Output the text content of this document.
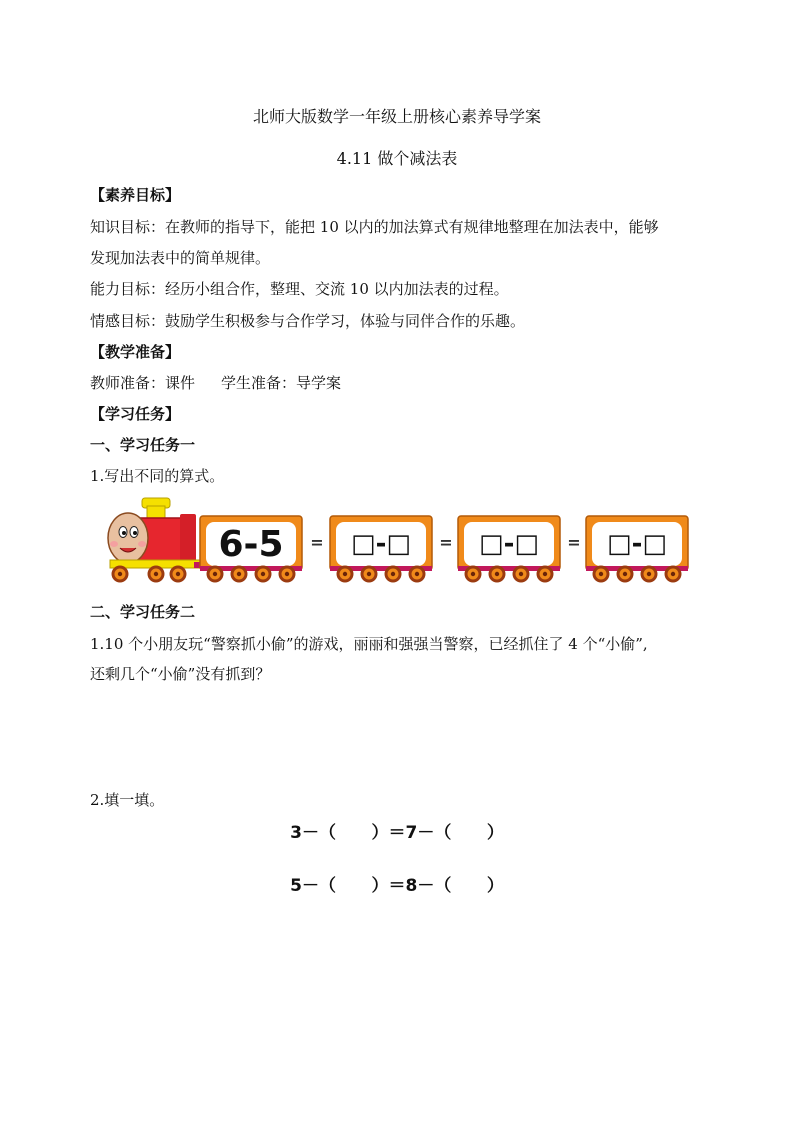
北师大版数学一年级上册核心素养导学案
4.11 做个减法表
【素养目标】
知识目标：在教师的指导下，能把 10 以内的加法算式有规律地整理在加法表中，能够
发现加法表中的简单规律。
能力目标：经历小组合作，整理、交流 10 以内加法表的过程。
情感目标：鼓励学生积极参与合作学习，体验与同伴合作的乐趣。
【教学准备】
教师准备：课件 学生准备：导学案
【学习任务】
一、学习任务一
1.写出不同的算式。
6-5 = □-□ = □-□ = □-□
二、学习任务二
1.10 个小朋友玩“警察抓小偷”的游戏，丽丽和强强当警察，已经抓住了 4 个“小偷”,
还剩几个“小偷”没有抓到？
2.填一填。
3－（      ）＝7－（      ）
5－（      ）＝8－（      ）
